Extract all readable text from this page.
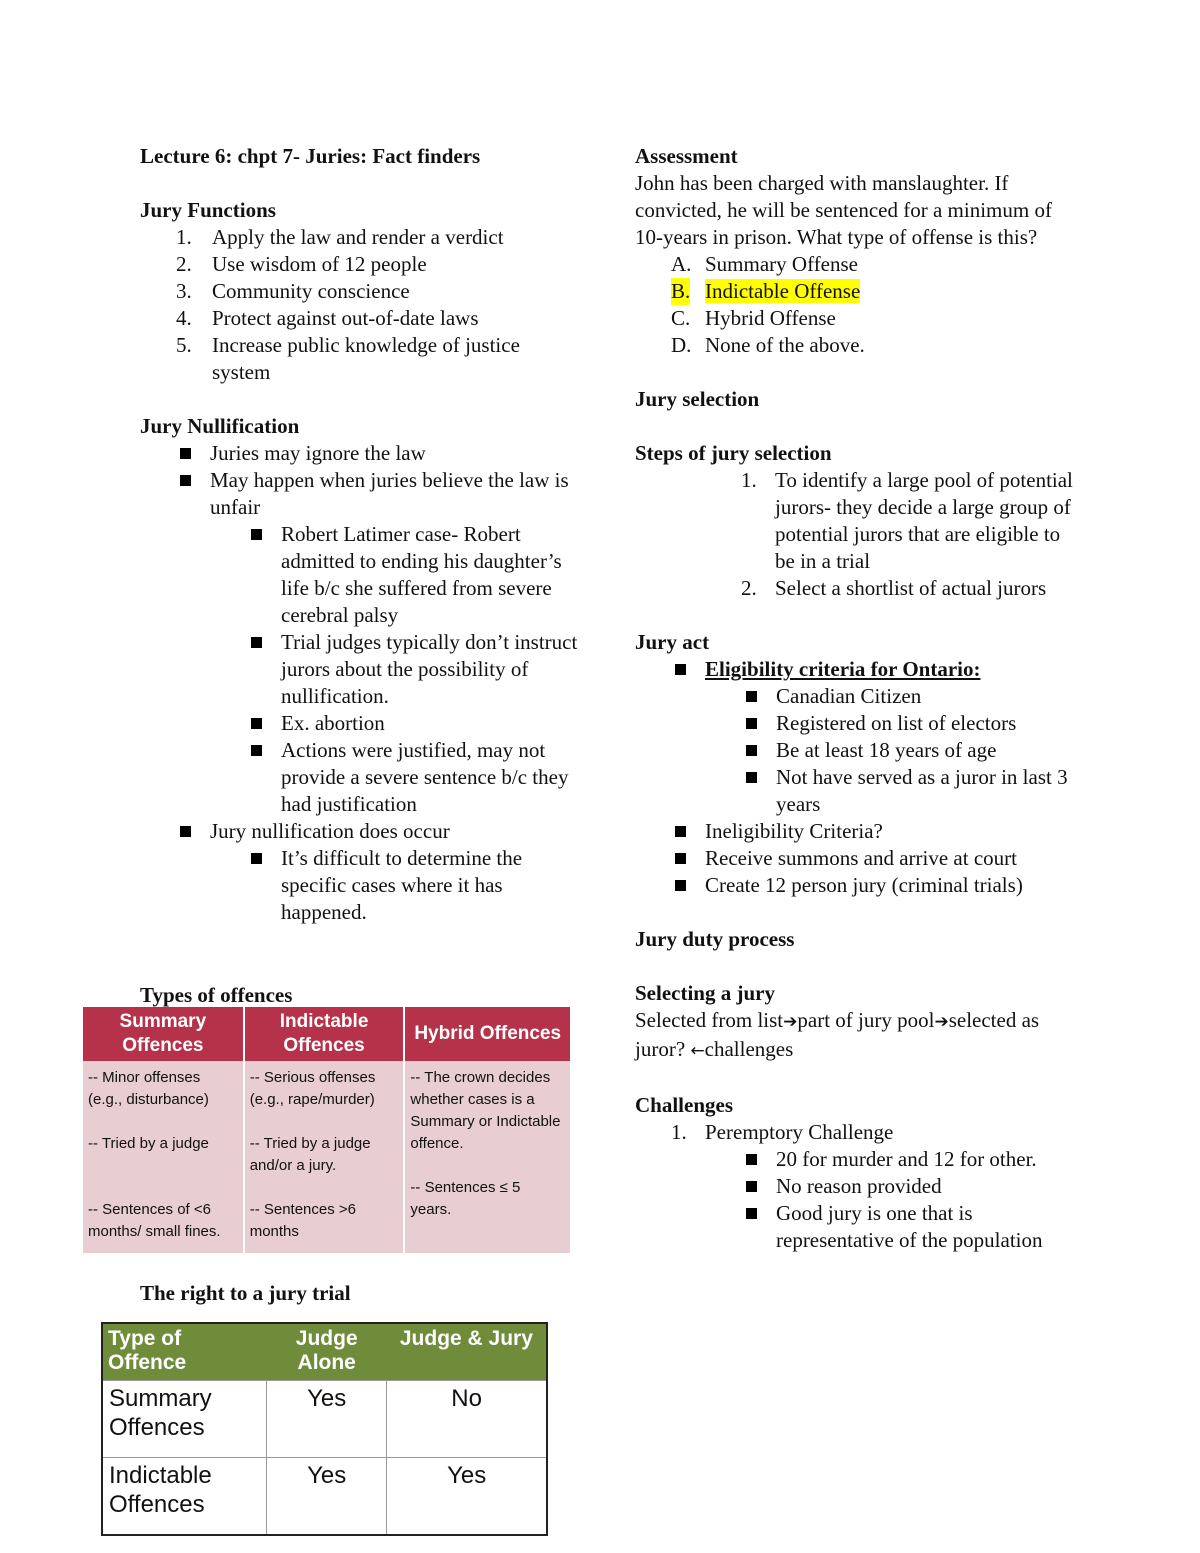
Lecture 6: chpt 7- Juries: Fact finders
Jury Functions
1. Apply the law and render a verdict
2. Use wisdom of 12 people
3. Community conscience
4. Protect against out-of-date laws
5. Increase public knowledge of justice system
Jury Nullification
Juries may ignore the law
May happen when juries believe the law is unfair
Robert Latimer case- Robert admitted to ending his daughter’s life b/c she suffered from severe cerebral palsy
Trial judges typically don’t instruct jurors about the possibility of nullification.
Ex. abortion
Actions were justified, may not provide a severe sentence b/c they had justification
Jury nullification does occur
It’s difficult to determine the specific cases where it has happened.
Types of offences
Summary Offences	Indictable Offences	Hybrid Offences

-- Minor offenses (e.g., disturbance)

-- Tried by a judge

-- Sentences of <6 months/ small fines.	-- Serious offenses (e.g., rape/murder)

-- Tried by a judge and/or a jury.

-- Sentences >6 months	-- The crown decides whether cases is a Summary or Indictable offence.

-- Sentences ≤ 5 years.

The right to a jury trial
Type of Offence	Judge Alone	Judge & Jury
Summary Offences	Yes	No
Indictable Offences	Yes	Yes
Assessment
John has been charged with manslaughter. If convicted, he will be sentenced for a minimum of 10-years in prison. What type of offense is this?
A. Summary Offense
B. Indictable Offense
C. Hybrid Offense
D. None of the above.
Jury selection
Steps of jury selection
1. To identify a large pool of potential jurors- they decide a large group of potential jurors that are eligible to be in a trial
2. Select a shortlist of actual jurors
Jury act
Eligibility criteria for Ontario:
Canadian Citizen
Registered on list of electors
Be at least 18 years of age
Not have served as a juror in last 3 years
Ineligibility Criteria?
Receive summons and arrive at court
Create 12 person jury (criminal trials)
Jury duty process
Selecting a jury
Selected from list➔part of jury pool➔selected as juror? ←challenges
Challenges
1. Peremptory Challenge
20 for murder and 12 for other.
No reason provided
Good jury is one that is representative of the population
